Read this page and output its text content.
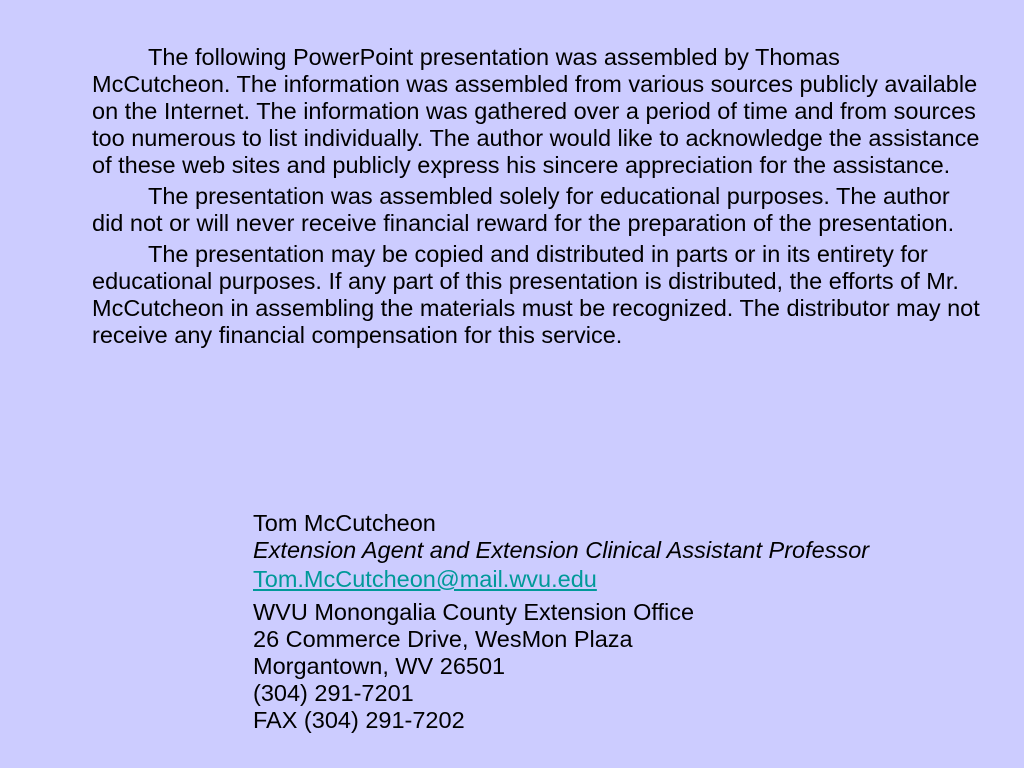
The following PowerPoint presentation was assembled by Thomas McCutcheon. The information was assembled from various sources publicly available on the Internet. The information was gathered over a period of time and from sources too numerous to list individually. The author would like to acknowledge the assistance of these web sites and publicly express his sincere appreciation for the assistance.

The presentation was assembled solely for educational purposes. The author did not or will never receive financial reward for the preparation of the presentation.

The presentation may be copied and distributed in parts or in its entirety for educational purposes. If any part of this presentation is distributed, the efforts of Mr. McCutcheon in assembling the materials must be recognized. The distributor may not receive any financial compensation for this service.

Tom McCutcheon
Extension Agent and Extension Clinical Assistant Professor
Tom.McCutcheon@mail.wvu.edu
WVU Monongalia County Extension Office
26 Commerce Drive, WesMon Plaza
Morgantown, WV 26501
(304) 291-7201
FAX (304) 291-7202
